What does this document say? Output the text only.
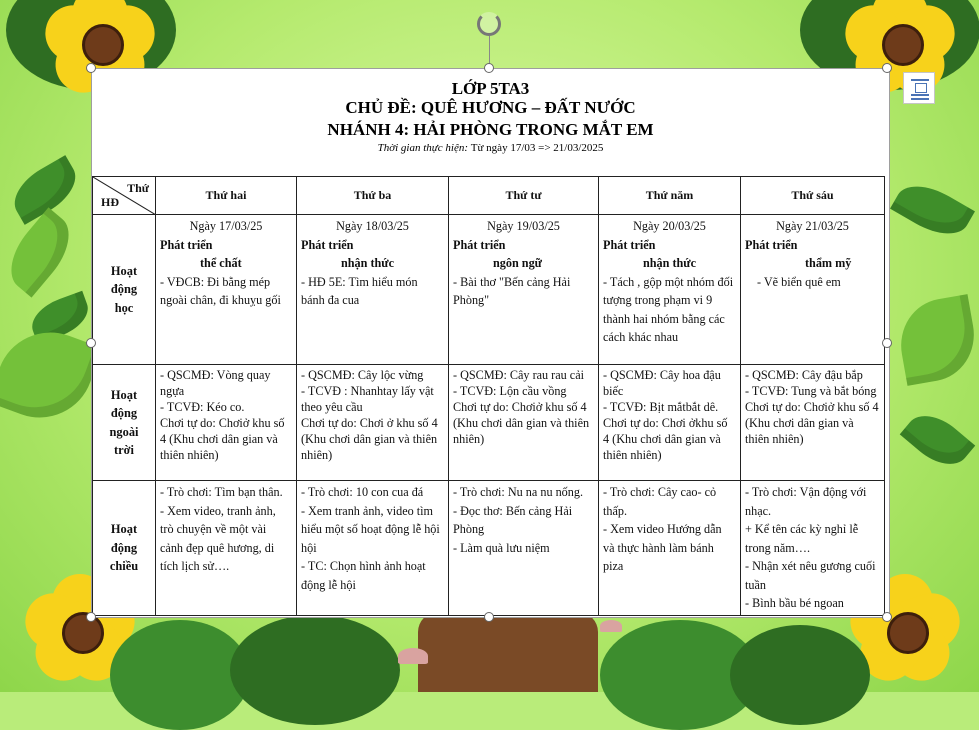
LỚP 5TA3
CHỦ ĐỀ: QUÊ HƯƠNG – ĐẤT NƯỚC
NHÁNH 4: HẢI PHÒNG TRONG MẮT EM
Thời gian thực hiện: Từ ngày 17/03 => 21/03/2025
Thứ
HĐ	Thứ hai	Thứ ba	Thứ tư	Thứ năm	Thứ sáu

Hoạt
động
học	Ngày 17/03/25
Phát triển
thể chất
- VĐCB: Đi bằng mép ngoài chân, đi khuỵu gối	Ngày 18/03/25
Phát triển
nhận thức
- HĐ 5E: Tìm hiểu món bánh đa cua	Ngày 19/03/25
Phát triển
ngôn ngữ
- Bài thơ "Bến cảng Hải Phòng"	Ngày 20/03/25
Phát triển
nhận thức
- Tách , gộp một nhóm đối tượng trong phạm vi 9 thành hai nhóm bằng các cách khác nhau	Ngày 21/03/25
Phát triển
thẩm mỹ
- Vẽ biển quê em

Hoạt
động
ngoài
trời	- QSCMĐ: Vòng quay ngựa
- TCVĐ: Kéo co.
Chơi tự do: Chơiở khu số 4 (Khu chơi dân gian và thiên nhiên)	- QSCMĐ: Cây lộc vừng
- TCVĐ : Nhanhtay lấy vật theo yêu cầu
Chơi tự do: Chơi ở khu số 4 (Khu chơi dân gian và thiên nhiên)	- QSCMĐ: Cây rau rau cải
- TCVĐ: Lộn cầu vồng
Chơi tự do: Chơiở khu số 4 (Khu chơi dân gian và thiên nhiên)	- QSCMĐ: Cây hoa đậu biếc
- TCVĐ: Bịt mắtbắt dê.
Chơi tự do: Chơi ởkhu số 4 (Khu chơi dân gian và thiên nhiên)	- QSCMĐ: Cây đậu bắp
- TCVĐ: Tung và bắt bóng
Chơi tự do: Chơiở khu số 4 (Khu chơi dân gian và thiên nhiên)

Hoạt
động
chiều	- Trò chơi: Tìm bạn thân.
- Xem video, tranh ảnh, trò chuyện về một vài cảnh đẹp quê hương, di tích lịch sử….	- Trò chơi: 10 con cua đá
- Xem tranh ảnh, video tìm hiểu một số hoạt động lễ hội hội
- TC: Chọn hình ảnh hoạt động lễ hội	- Trò chơi: Nu na nu nống.
- Đọc thơ: Bến cảng Hải Phòng
- Làm quà lưu niệm	- Trò chơi: Cây cao- cỏ thấp.
- Xem video Hướng dẫn và thực hành làm bánh piza	- Trò chơi: Vận động với nhạc.
+ Kể tên các kỳ nghỉ lễ trong năm….
- Nhận xét nêu gương cuối tuần
- Bình bầu bé ngoan
